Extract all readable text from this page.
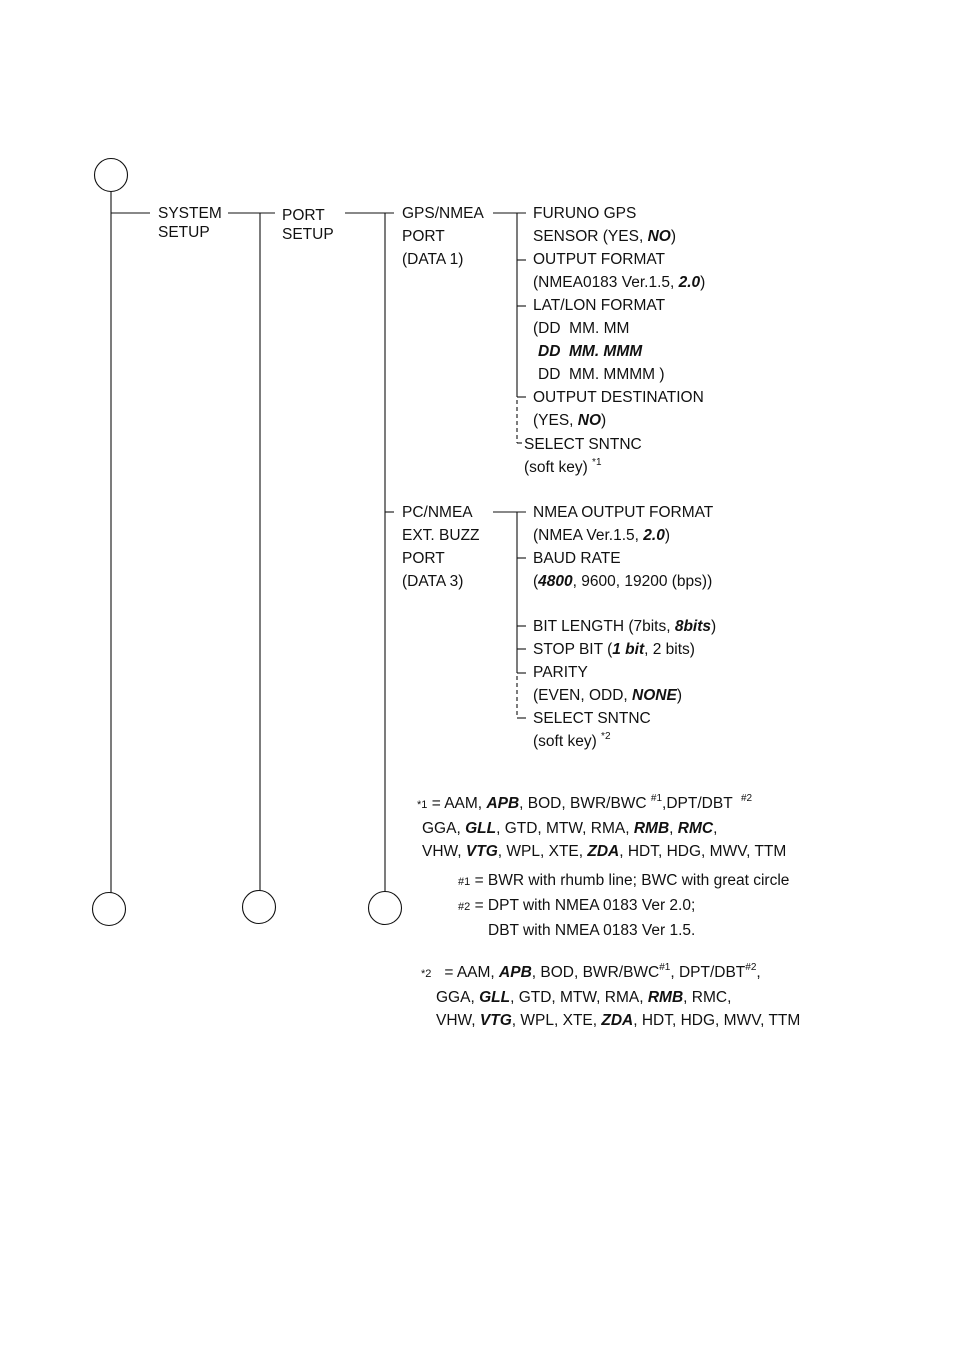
SYSTEM
SETUP
PORT
SETUP
GPS/NMEA
PORT
(DATA 1)
PC/NMEA
EXT. BUZZ
PORT
(DATA 3)
FURUNO GPS
SENSOR (YES, NO)
OUTPUT FORMAT
(NMEA0183 Ver.1.5, 2.0)
LAT/LON FORMAT
(DD  MM. MM
DD  MM. MMM
DD  MM. MMMM )
OUTPUT DESTINATION
(YES, NO)
SELECT SNTNC
(soft key) $^{*1}$
NMEA OUTPUT FORMAT
(NMEA Ver.1.5, 2.0)
BAUD RATE
(4800, 9600, 19200 (bps))
BIT LENGTH (7bits, 8bits)
STOP BIT (1 bit, 2 bits)
PARITY
(EVEN, ODD, NONE)
SELECT SNTNC
(soft key) $^{*2}$
*1 = AAM, APB, BOD, BWR/BWC $^{\#1}$,DPT/DBT  $^{\#2}$
GGA, GLL, GTD, MTW, RMA, RMB, RMC,
VHW, VTG, WPL, XTE, ZDA, HDT, HDG, MWV, TTM
#1 = BWR with rhumb line; BWC with great circle
#2 = DPT with NMEA 0183 Ver 2.0;
DBT with NMEA 0183 Ver 1.5.
*2 = AAM, APB, BOD, BWR/BWC$^{\#1}$, DPT/DBT$^{\#2}$,
GGA, GLL, GTD, MTW, RMA, RMB, RMC,
VHW, VTG, WPL, XTE, ZDA, HDT, HDG, MWV, TTM
